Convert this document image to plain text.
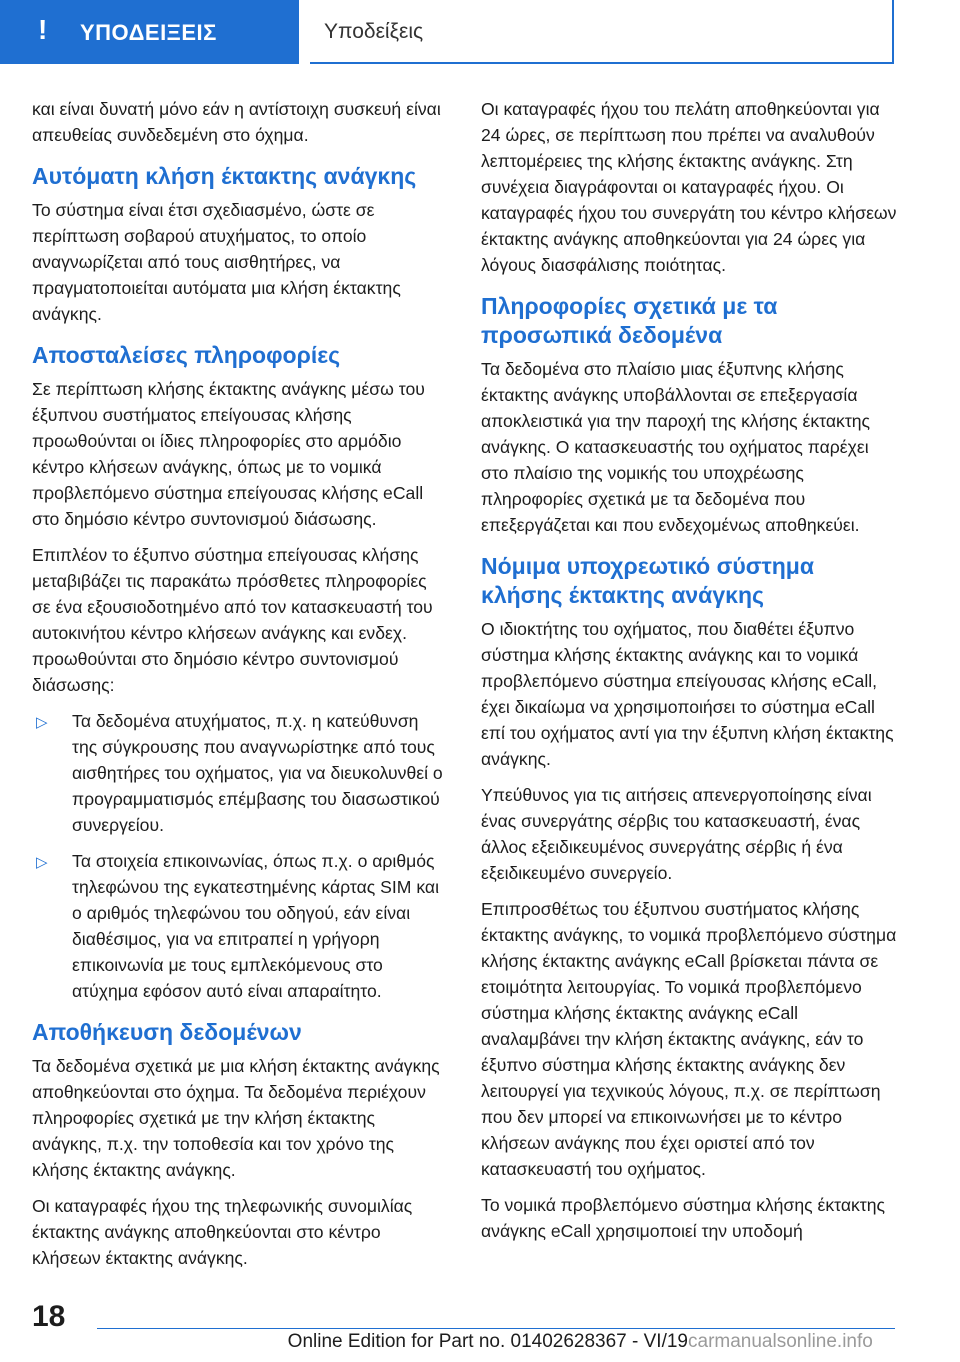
! ΥΠΟΔΕΙΞΕΙΣ	Υποδείξεις

και είναι δυνατή μόνο εάν η αντίστοιχη συσκευή είναι απευθείας συνδεδεμένη στο όχημα.

Αυτόματη κλήση έκτακτης ανάγκης

Το σύστημα είναι έτσι σχεδιασμένο, ώστε σε περίπτωση σοβαρού ατυχήματος, το οποίο αναγνωρίζεται από τους αισθητήρες, να πραγματοποιείται αυτόματα μια κλήση έκτακτης ανάγκης.

Αποσταλείσες πληροφορίες

Σε περίπτωση κλήσης έκτακτης ανάγκης μέσω του έξυπνου συστήματος επείγουσας κλήσης προωθούνται οι ίδιες πληροφορίες στο αρμόδιο κέντρο κλήσεων ανάγκης, όπως με το νομικά προβλεπόμενο σύστημα επείγουσας κλήσης eCall στο δημόσιο κέντρο συντονισμού διάσωσης.

Επιπλέον το έξυπνο σύστημα επείγουσας κλήσης μεταβιβάζει τις παρακάτω πρόσθετες πληροφορίες σε ένα εξουσιοδοτημένο από τον κατασκευαστή του αυτοκινήτου κέντρο κλήσεων ανάγκης και ενδεχ. προωθούνται στο δημόσιο κέντρο συντονισμού διάσωσης:

▷ Τα δεδομένα ατυχήματος, π.χ. η κατεύθυνση της σύγκρουσης που αναγνωρίστηκε από τους αισθητήρες του οχήματος, για να διευκολυνθεί ο προγραμματισμός επέμβασης του διασωστικού συνεργείου.
▷ Τα στοιχεία επικοινωνίας, όπως π.χ. ο αριθμός τηλεφώνου της εγκατεστημένης κάρτας SIM και ο αριθμός τηλεφώνου του οδηγού, εάν είναι διαθέσιμος, για να επιτραπεί η γρήγορη επικοινωνία με τους εμπλεκόμενους στο ατύχημα εφόσον αυτό είναι απαραίτητο.
Αποθήκευση δεδομένων

Τα δεδομένα σχετικά με μια κλήση έκτακτης ανάγκης αποθηκεύονται στο όχημα. Τα δεδομένα περιέχουν πληροφορίες σχετικά με την κλήση έκτακτης ανάγκης, π.χ. την τοποθεσία και τον χρόνο της κλήσης έκτακτης ανάγκης.

Οι καταγραφές ήχου της τηλεφωνικής συνομιλίας έκτακτης ανάγκης αποθηκεύονται στο κέντρο κλήσεων έκτακτης ανάγκης.

Οι καταγραφές ήχου του πελάτη αποθηκεύονται για 24 ώρες, σε περίπτωση που πρέπει να αναλυθούν λεπτομέρειες της κλήσης έκτακτης ανάγκης. Στη συνέχεια διαγράφονται οι καταγραφές ήχου. Οι καταγραφές ήχου του συνεργάτη του κέντρο κλήσεων έκτακτης ανάγκης αποθηκεύονται για 24 ώρες για λόγους διασφάλισης ποιότητας.

Πληροφορίες σχετικά με τα προσωπικά δεδομένα

Τα δεδομένα στο πλαίσιο μιας έξυπνης κλήσης έκτακτης ανάγκης υποβάλλονται σε επεξεργασία αποκλειστικά για την παροχή της κλήσης έκτακτης ανάγκης. Ο κατασκευαστής του οχήματος παρέχει στο πλαίσιο της νομικής του υποχρέωσης πληροφορίες σχετικά με τα δεδομένα που επεξεργάζεται και που ενδεχομένως αποθηκεύει.

Νόμιμα υποχρεωτικό σύστημα κλήσης έκτακτης ανάγκης

Ο ιδιοκτήτης του οχήματος, που διαθέτει έξυπνο σύστημα κλήσης έκτακτης ανάγκης και το νομικά προβλεπόμενο σύστημα επείγουσας κλήσης eCall, έχει δικαίωμα να χρησιμοποιήσει το σύστημα eCall επί του οχήματος αντί για την έξυπνη κλήση έκτακτης ανάγκης.

Υπεύθυνος για τις αιτήσεις απενεργοποίησης είναι ένας συνεργάτης σέρβις του κατασκευαστή, ένας άλλος εξειδικευμένος συνεργάτης σέρβις ή ένα εξειδικευμένο συνεργείο.

Επιπροσθέτως του έξυπνου συστήματος κλήσης έκτακτης ανάγκης, το νομικά προβλεπόμενο σύστημα κλήσης έκτακτης ανάγκης eCall βρίσκεται πάντα σε ετοιμότητα λειτουργίας. Το νομικά προβλεπόμενο σύστημα κλήσης έκτακτης ανάγκης eCall αναλαμβάνει την κλήση έκτακτης ανάγκης, εάν το έξυπνο σύστημα κλήσης έκτακτης ανάγκης δεν λειτουργεί για τεχνικούς λόγους, π.χ. σε περίπτωση που δεν μπορεί να επικοινωνήσει με το κέντρο κλήσεων ανάγκης που έχει οριστεί από τον κατασκευαστή του οχήματος.

Το νομικά προβλεπόμενο σύστημα κλήσης έκτακτης ανάγκης eCall χρησιμοποιεί την υποδομή

18
Online Edition for Part no. 01402628367 - VI/19 carmanualsonline.info
